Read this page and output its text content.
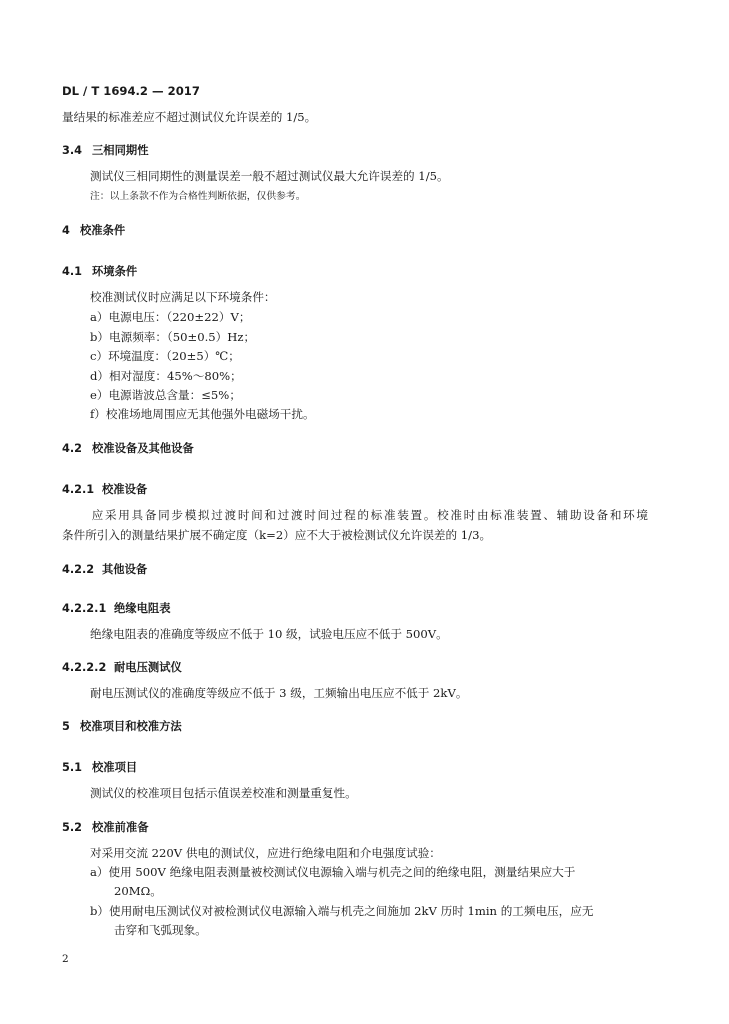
DL / T 1694.2 — 2017
量结果的标准差应不超过测试仪允许误差的 1/5。
3.4 三相同期性
测试仪三相同期性的测量误差一般不超过测试仪最大允许误差的 1/5。
注：以上条款不作为合格性判断依据，仅供参考。
4 校准条件
4.1 环境条件
校准测试仪时应满足以下环境条件：
a）电源电压：（220±22）V；
b）电源频率：（50±0.5）Hz；
c）环境温度：（20±5）℃；
d）相对湿度：45%～80%；
e）电源谐波总含量：≤5%；
f）校准场地周围应无其他强外电磁场干扰。
4.2 校准设备及其他设备
4.2.1 校准设备
应采用具备同步模拟过渡时间和过渡时间过程的标准装置。校准时由标准装置、辅助设备和环境
条件所引入的测量结果扩展不确定度（k=2）应不大于被检测试仪允许误差的 1/3。
4.2.2 其他设备
4.2.2.1 绝缘电阻表
绝缘电阻表的准确度等级应不低于 10 级，试验电压应不低于 500V。
4.2.2.2 耐电压测试仪
耐电压测试仪的准确度等级应不低于 3 级，工频输出电压应不低于 2kV。
5 校准项目和校准方法
5.1 校准项目
测试仪的校准项目包括示值误差校准和测量重复性。
5.2 校准前准备
对采用交流 220V 供电的测试仪，应进行绝缘电阻和介电强度试验：
a）使用 500V 绝缘电阻表测量被校测试仪电源输入端与机壳之间的绝缘电阻，测量结果应大于
20MΩ。
b）使用耐电压测试仪对被检测试仪电源输入端与机壳之间施加 2kV 历时 1min 的工频电压，应无
击穿和飞弧现象。
2
